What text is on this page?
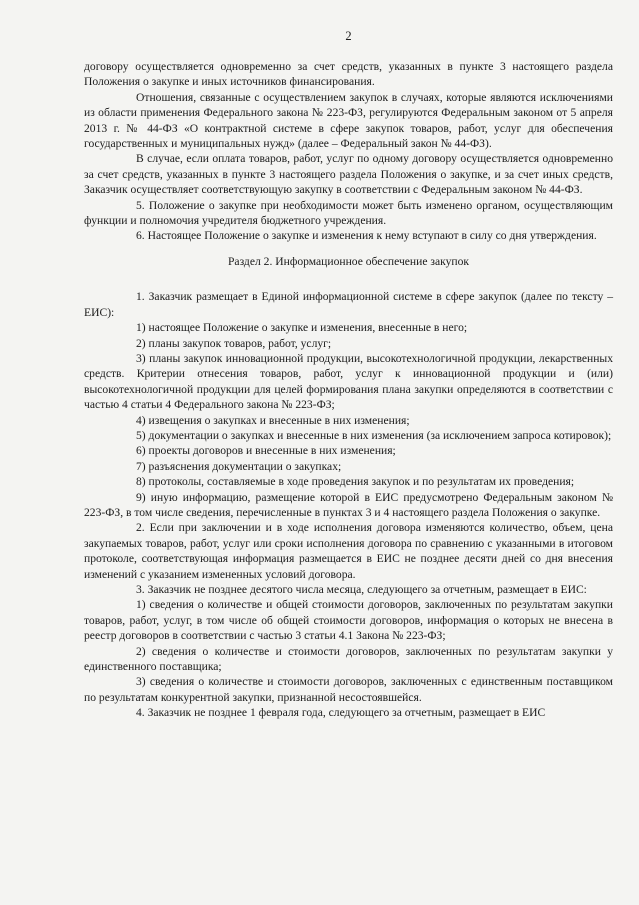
2

договору осуществляется одновременно за счет средств, указанных в пункте 3 настоящего раздела Положения о закупке и иных источников финансирования.

Отношения, связанные с осуществлением закупок в случаях, которые являются исключениями из области применения Федерального закона № 223-ФЗ, регулируются Федеральным законом от 5 апреля 2013 г. № 44-ФЗ «О контрактной системе в сфере закупок товаров, работ, услуг для обеспечения государственных и муниципальных нужд» (далее – Федеральный закон № 44-ФЗ).

В случае, если оплата товаров, работ, услуг по одному договору осуществляется одновременно за счет средств, указанных в пункте 3 настоящего раздела Положения о закупке, и за счет иных средств, Заказчик осуществляет соответствующую закупку в соответствии с Федеральным законом № 44-ФЗ.

5. Положение о закупке при необходимости может быть изменено органом, осуществляющим функции и полномочия учредителя бюджетного учреждения.

6. Настоящее Положение о закупке и изменения к нему вступают в силу со дня утверждения.

Раздел 2. Информационное обеспечение закупок

1. Заказчик размещает в Единой информационной системе в сфере закупок (далее по тексту – ЕИС):

1) настоящее Положение о закупке и изменения, внесенные в него;

2) планы закупок товаров, работ, услуг;

3) планы закупок инновационной продукции, высокотехнологичной продукции, лекарственных средств. Критерии отнесения товаров, работ, услуг к инновационной продукции и (или) высокотехнологичной продукции для целей формирования плана закупки определяются в соответствии с частью 4 статьи 4 Федерального закона № 223-ФЗ;

4) извещения о закупках и внесенные в них изменения;

5) документации о закупках и внесенные в них изменения (за исключением запроса котировок);

6) проекты договоров и внесенные в них изменения;

7) разъяснения документации о закупках;

8) протоколы, составляемые в ходе проведения закупок и по результатам их проведения;

9) иную информацию, размещение которой в ЕИС предусмотрено Федеральным законом № 223-ФЗ, в том числе сведения, перечисленные в пунктах 3 и 4 настоящего раздела Положения о закупке.

2. Если при заключении и в ходе исполнения договора изменяются количество, объем, цена закупаемых товаров, работ, услуг или сроки исполнения договора по сравнению с указанными в итоговом протоколе, соответствующая информация размещается в ЕИС не позднее десяти дней со дня внесения изменений с указанием измененных условий договора.

3. Заказчик не позднее десятого числа месяца, следующего за отчетным, размещает в ЕИС:

1) сведения о количестве и общей стоимости договоров, заключенных по результатам закупки товаров, работ, услуг, в том числе об общей стоимости договоров, информация о которых не внесена в реестр договоров в соответствии с частью 3 статьи 4.1 Закона № 223-ФЗ;

2) сведения о количестве и стоимости договоров, заключенных по результатам закупки у единственного поставщика;

3) сведения о количестве и стоимости договоров, заключенных с единственным поставщиком по результатам конкурентной закупки, признанной несостоявшейся.

4. Заказчик не позднее 1 февраля года, следующего за отчетным, размещает в ЕИС
